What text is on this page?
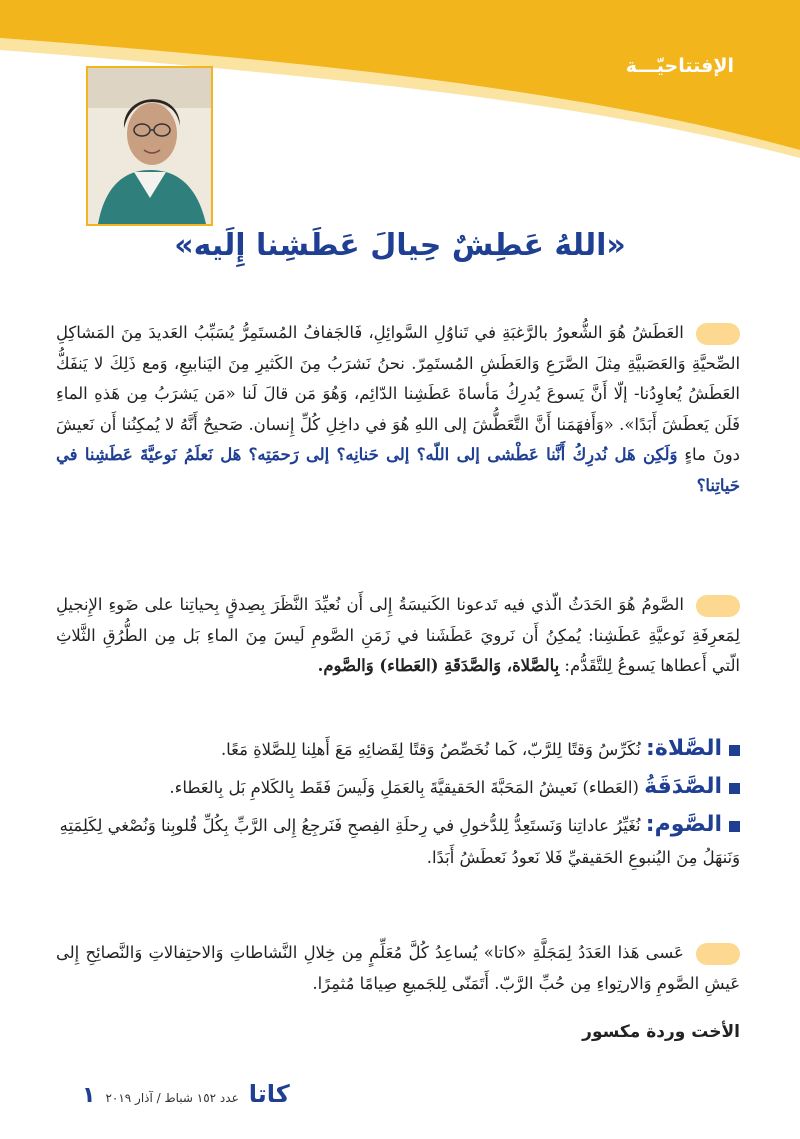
الإفتتاحيّـــة
«اللهُ عَطِشٌ حِيالَ عَطَشِنا إِلَيه»
العَطَشُ هُوَ الشُّعورُ بالرَّغبَةِ في تَناوُلِ السَّوائِلِ، فَالجَفافُ المُستَمِرُّ يُسَبِّبُ العَديدَ مِنَ المَشاكِلِ الصِّحيَّةِ وَالعَصَبيَّةِ مِثلَ الصَّرَعِ وَالعَطَشِ المُستَمِرّ. نحنُ نَشرَبُ مِنَ الكَثيرِ مِنَ اليَنابيعِ، وَمع ذَلِكَ لا يَنفَكُّ العَطَشُ يُعاوِدُنا- إلّا أَنَّ يَسوعَ يُدرِكُ مَأساةَ عَطَشِنا الدّائِم، وَهُوَ مَن قالَ لَنا «مَن يَشرَبُ مِن هَذهِ الماءِ فَلَن يَعطَشَ أَبَدًا». «وَأَفهَمَنا أَنَّ التَّعَطُّشَ إلى اللهِ هُوَ في داخِلِ كُلِّ إِنسان. صَحيحٌ أَنَّهُ لا يُمكِنُنا أَن نَعيشَ دونَ ماءٍ وَلَكِن هَل نُدرِكُ أَنَّنا عَطْشى إلى اللّه؟ إلى حَنانِه؟ إلى رَحمَتِه؟ هَل نَعلَمُ نَوعيَّةَ عَطَشِنا في حَياتِنا؟
الصَّومُ هُوَ الحَدَثُ الّذي فيه تَدعونا الكَنيسَةُ إِلى أَن نُعيِّدَ النَّظَرَ بِصِدقٍ بِحياتِنا على ضَوءِ الإِنجيلِ لِمَعرِفَةِ نَوعيَّةِ عَطَشِنا: يُمكِنُ أَن نَرويَ عَطَشَنا في زَمَنِ الصَّومِ لَيسَ مِنَ الماءِ بَل مِن الطُّرُقِ الثَّلاثِ الّتي أَعطاها يَسوعُ لِلتَّقَدُّم: بِالصَّلاة، وَالصَّدَقَةِ (العَطاء) وَالصَّوم.
الصَّلاة: نُكَرِّسُ وَقتًا لِلرَّبّ، كَما نُخَصِّصُ وَقتًا لِقَضائِهِ مَعَ أَهلِنا لِلصَّلاةِ مَعًا.
الصَّدَقَةُ (العَطاء) نَعيشُ المَحَبَّةَ الحَقيقيَّةَ بِالعَمَلِ وَلَيسَ فَقَط بِالكَلامِ بَل بِالعَطاء.
الصَّوم: نُغَيِّرُ عاداتِنا وَنَستَعِدُّ لِلدُّخولِ في رِحلَةِ الفِصحِ فَنَرجِعُ إِلى الرَّبِّ بِكُلِّ قُلوبِنا وَنُصْغي لِكَلِمَتِهِ وَنَنهَلُ مِنَ اليُنبوعِ الحَقيقيِّ فَلا نَعودُ نَعطَشُ أَبَدًا.
عَسى هَذا العَدَدُ لِمَجَلَّةِ «كاتا» يُساعِدُ كُلَّ مُعَلِّمٍ مِن خِلالِ النَّشاطاتِ وَالاحتِفالاتِ وَالنَّصائِحِ إِلى عَيشِ الصَّومِ وَالارتِواءِ مِن حُبِّ الرَّبّ. أَتَمَنّى لِلجَميعِ صِيامًا مُثمِرًا.
الأخت وردة مكسور
١ عدد ١٥٢ شباط / آذار ٢٠١٩ كاتا
